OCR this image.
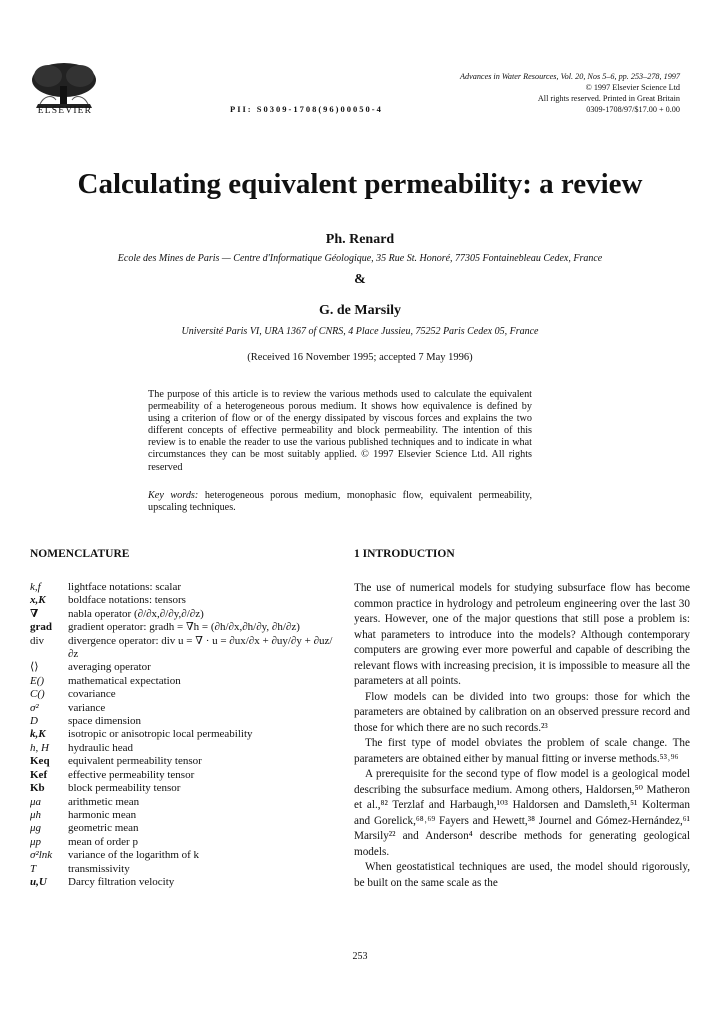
ELSEVIER	PII: S0309-1708(96)00050-4
Advances in Water Resources, Vol. 20, Nos 5–6, pp. 253–278, 1997
© 1997 Elsevier Science Ltd
All rights reserved. Printed in Great Britain
0309-1708/97/$17.00 + 0.00
Calculating equivalent permeability: a review
Ph. Renard
Ecole des Mines de Paris — Centre d'Informatique Géologique, 35 Rue St. Honoré, 77305 Fontainebleau Cedex, France
&
G. de Marsily
Université Paris VI, URA 1367 of CNRS, 4 Place Jussieu, 75252 Paris Cedex 05, France
(Received 16 November 1995; accepted 7 May 1996)
The purpose of this article is to review the various methods used to calculate the equivalent permeability of a heterogeneous porous medium. It shows how equivalence is defined by using a criterion of flow or of the energy dissipated by viscous forces and explains the two different concepts of effective permeability and block permeability. The intention of this review is to enable the reader to use the various published techniques and to indicate in what circumstances they can be most suitably applied. © 1997 Elsevier Science Ltd. All rights reserved
Key words: heterogeneous porous medium, monophasic flow, equivalent permeability, upscaling techniques.
NOMENCLATURE	1 INTRODUCTION
k,f	lightface notations: scalar
x,K	boldface notations: tensors
∇	nabla operator (∂/∂x,∂/∂y,∂/∂z)
grad	gradient operator: gradh = ∇h = (∂h/∂x,∂h/∂y, ∂h/∂z)
div	divergence operator: div u = ∇ · u = ∂ux/∂x + ∂uy/∂y + ∂uz/∂z
⟨⟩	averaging operator
E()	mathematical expectation
C()	covariance
σ²	variance
D	space dimension
k,K	isotropic or anisotropic local permeability
h, H	hydraulic head
Keq	equivalent permeability tensor
Kef	effective permeability tensor
Kb	block permeability tensor
μa	arithmetic mean
μh	harmonic mean
μg	geometric mean
μp	mean of order p
σ²lnk	variance of the logarithm of k
T	transmissivity
u,U	Darcy filtration velocity

The use of numerical models for studying subsurface flow has become common practice in hydrology and petroleum engineering over the last 30 years. However, one of the major questions that still pose a problem is: what parameters to introduce into the models? Although contemporary computers are growing ever more powerful and capable of describing the relevant flows with increasing precision, it is impossible to measure all the parameters at all points.

Flow models can be divided into two groups: those for which the parameters are obtained by calibration on an observed pressure record and those for which there are no such records.²³

The first type of model obviates the problem of scale change. The parameters are obtained either by manual fitting or inverse methods.⁵³˒⁹⁶

A prerequisite for the second type of flow model is a geological model describing the subsurface medium. Among others, Haldorsen,⁵⁰ Matheron et al.,⁸² Terzlaf and Harbaugh,¹⁰³ Haldorsen and Damsleth,⁵¹ Kolterman and Gorelick,⁶⁸˒⁶⁹ Fayers and Hewett,³⁸ Journel and Gómez-Hernández,⁶¹ Marsily²² and Anderson⁴ describe methods for generating geological models.

When geostatistical techniques are used, the model should rigorously, be built on the same scale as the

253
